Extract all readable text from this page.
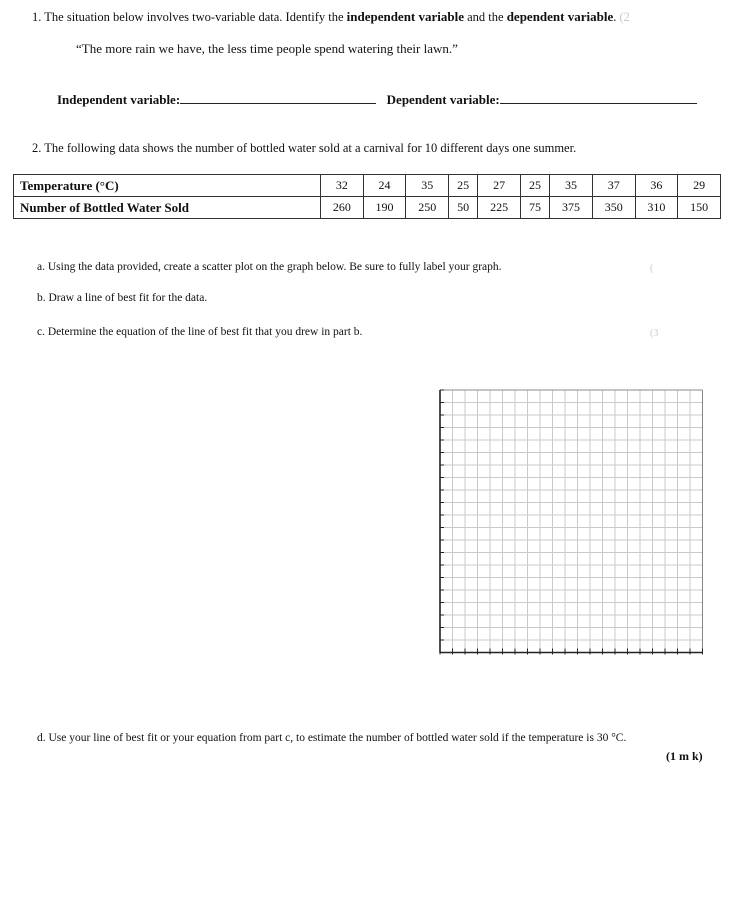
1. The situation below involves two-variable data. Identify the independent variable and the dependent variable. (2
“The more rain we have, the less time people spend watering their lawn.”
Independent variable:	Dependent variable:
2. The following data shows the number of bottled water sold at a carnival for 10 different days one summer.
Temperature (°C)	32	24	35	25	27	25	35	37	36	29
Number of Bottled Water Sold	260	190	250	50	225	75	375	350	310	150
a. Using the data provided, create a scatter plot on the graph below. Be sure to fully label your graph.	(
b. Draw a line of best fit for the data.
c. Determine the equation of the line of best fit that you drew in part b.	(3
d. Use your line of best fit or your equation from part c, to estimate the number of bottled water sold if the temperature is 30 °C.
(1 m k)
